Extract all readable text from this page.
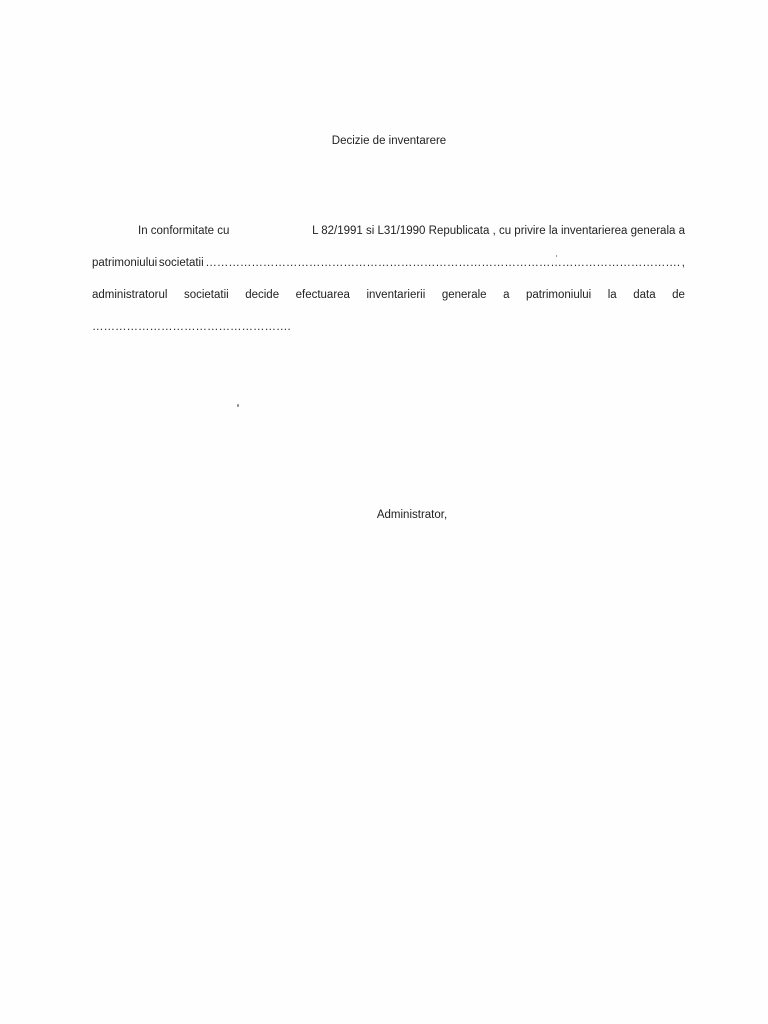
Decizie de inventarere
In conformitate cu	L 82/1991 si L31/1990 Republicata , cu privire la inventarierea generala a
patrimoniului societatii ……………………………………………………………………………………………………………. ,
administratorul societatii decide efectuarea inventarierii generale a patrimoniului la data de
…………………………………………….
Administrator,
